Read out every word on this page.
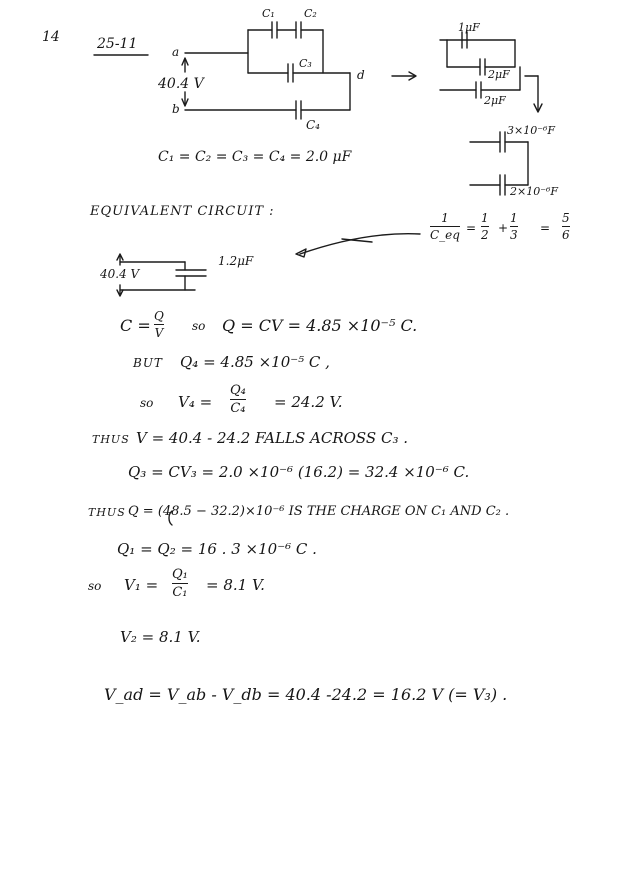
14	25-11	a
b
d
40.4 V
C₁	C₂
C₃
C₄
C₁ = C₂ = C₃ = C₄ = 2.0 μF
1μF
2μF
2μF
3×10⁻⁶F
2×10⁻⁶F
1
C_eq =
1
2 +
1
3 =
5
6
EQUIVALENT CIRCUIT :
40.4 V
1.2μF
C = Q
V so Q = CV = 4.85 ×10⁻⁵ C.
BUT Q₄ = 4.85 ×10⁻⁵ C ,
so V₄ =
Q₄
C₄ = 24.2 V.
THUS V = 40.4 - 24.2 FALLS ACROSS C₃ .
Q₃ = CV₃ = 2.0 ×10⁻⁶ (16.2) = 32.4 ×10⁻⁶ C.
THUS Q = (48.5 − 32.2)×10⁻⁶ IS THE CHARGE ON C₁ AND C₂ .
Q₁ = Q₂ = 16 . 3 ×10⁻⁶ C .
so V₁ =
Q₁
C₁ = 8.1 V.
V₂ = 8.1 V.
V_ad = V_ab - V_db = 40.4 -24.2 = 16.2 V (= V₃) .
